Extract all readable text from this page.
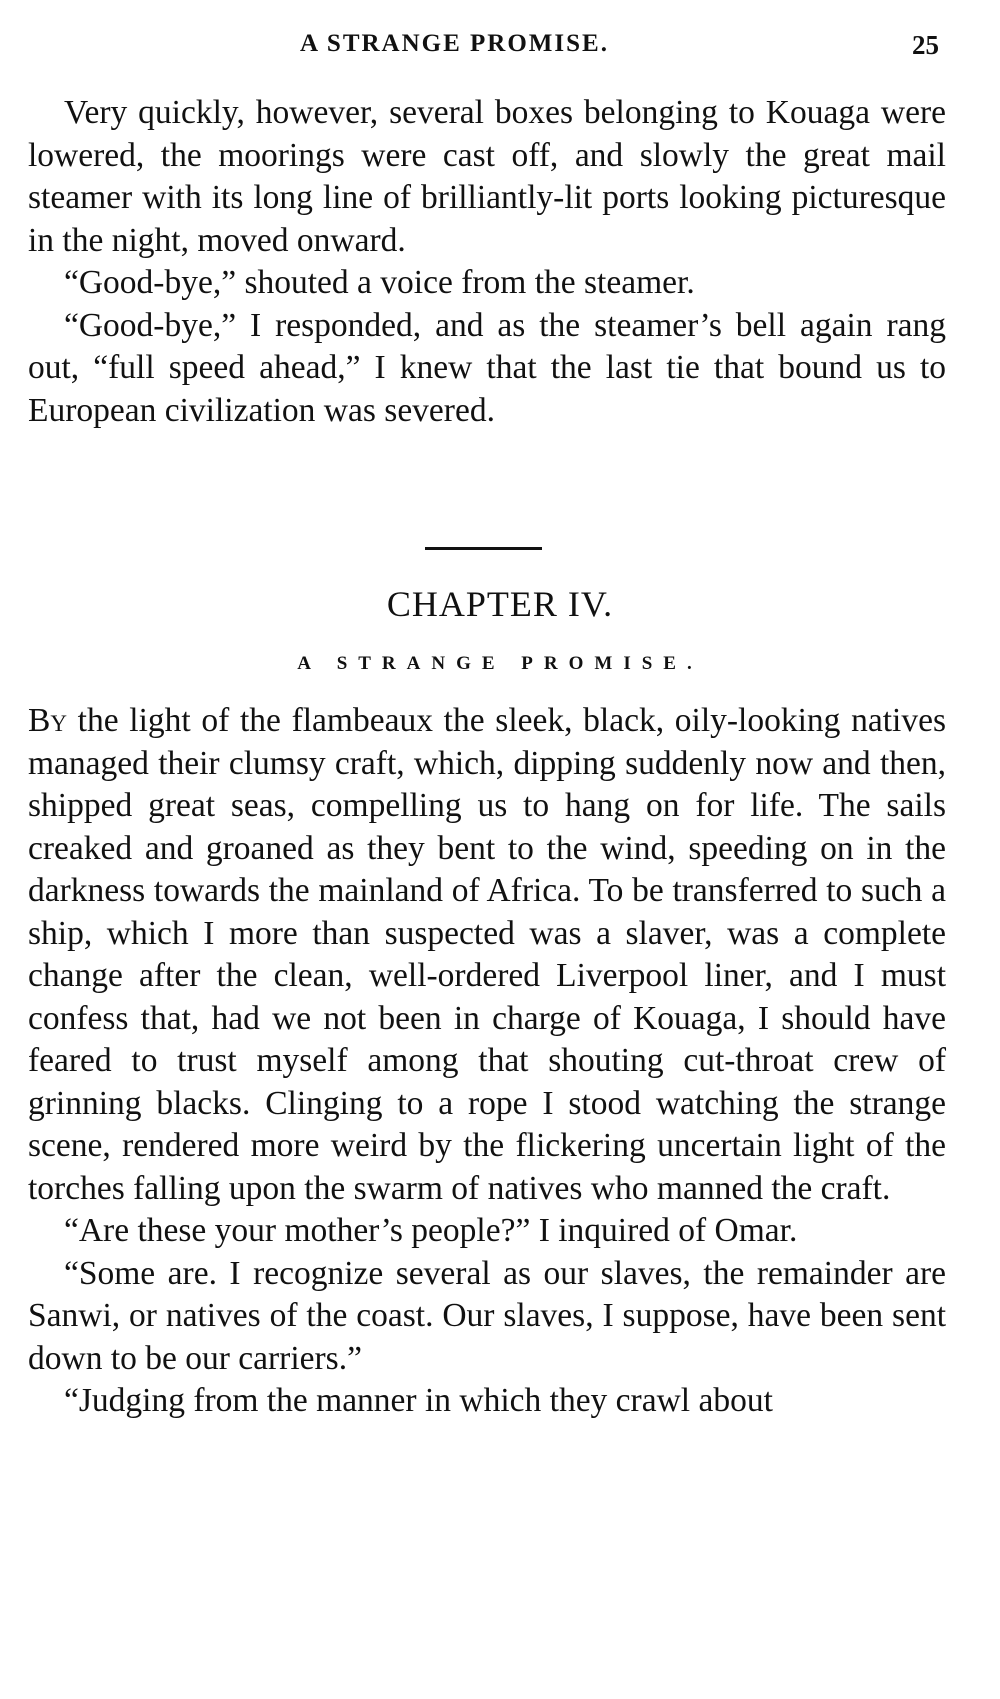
A STRANGE PROMISE.	25

Very quickly, however, several boxes belonging to Kouaga were lowered, the moorings were cast off, and slowly the great mail steamer with its long line of brilliantly-lit ports looking picturesque in the night, moved onward.

“Good-bye,” shouted a voice from the steamer.

“Good-bye,” I responded, and as the steamer’s bell again rang out, “full speed ahead,” I knew that the last tie that bound us to European civilization was severed.

CHAPTER IV.
A STRANGE PROMISE.

By the light of the flambeaux the sleek, black, oily-looking natives managed their clumsy craft, which, dipping suddenly now and then, shipped great seas, compelling us to hang on for life. The sails creaked and groaned as they bent to the wind, speeding on in the darkness towards the mainland of Africa. To be transferred to such a ship, which I more than suspected was a slaver, was a complete change after the clean, well-ordered Liverpool liner, and I must confess that, had we not been in charge of Kouaga, I should have feared to trust myself among that shouting cut-throat crew of grinning blacks. Clinging to a rope I stood watching the strange scene, rendered more weird by the flickering uncertain light of the torches falling upon the swarm of natives who manned the craft.

“Are these your mother’s people?” I inquired of Omar.

“Some are. I recognize several as our slaves, the remainder are Sanwi, or natives of the coast. Our slaves, I suppose, have been sent down to be our carriers.”

“Judging from the manner in which they crawl about
